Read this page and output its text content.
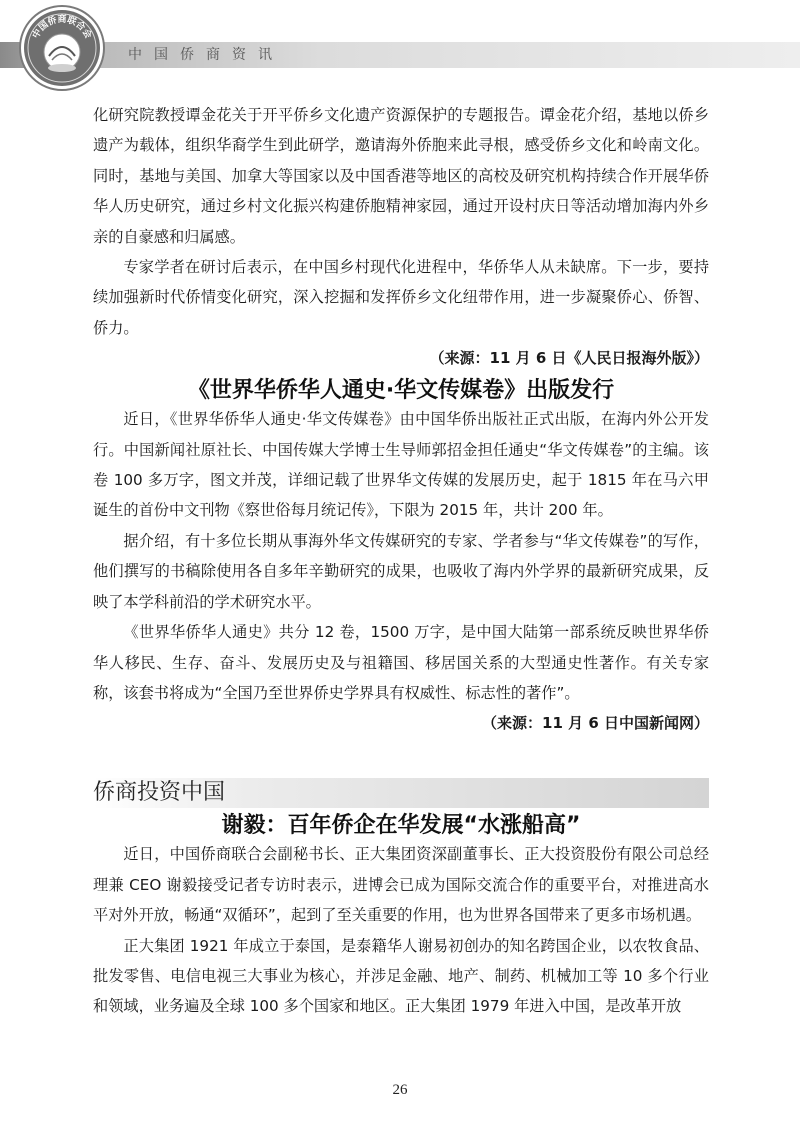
中国侨商联合会
中国侨商资讯

化研究院教授谭金花关于开平侨乡文化遗产资源保护的专题报告。谭金花介绍，基地以侨乡遗产为载体，组织华裔学生到此研学，邀请海外侨胞来此寻根，感受侨乡文化和岭南文化。同时，基地与美国、加拿大等国家以及中国香港等地区的高校及研究机构持续合作开展华侨华人历史研究，通过乡村文化振兴构建侨胞精神家园，通过开设村庆日等活动增加海内外乡亲的自豪感和归属感。

专家学者在研讨后表示，在中国乡村现代化进程中，华侨华人从未缺席。下一步，要持续加强新时代侨情变化研究，深入挖掘和发挥侨乡文化纽带作用，进一步凝聚侨心、侨智、侨力。

（来源：11 月 6 日《人民日报海外版》）

《世界华侨华人通史·华文传媒卷》出版发行

近日，《世界华侨华人通史·华文传媒卷》由中国华侨出版社正式出版，在海内外公开发行。中国新闻社原社长、中国传媒大学博士生导师郭招金担任通史“华文传媒卷”的主编。该卷 100 多万字，图文并茂，详细记载了世界华文传媒的发展历史，起于 1815 年在马六甲诞生的首份中文刊物《察世俗每月统记传》，下限为 2015 年，共计 200 年。

据介绍，有十多位长期从事海外华文传媒研究的专家、学者参与“华文传媒卷”的写作，他们撰写的书稿除使用各自多年辛勤研究的成果，也吸收了海内外学界的最新研究成果，反映了本学科前沿的学术研究水平。

《世界华侨华人通史》共分 12 卷，1500 万字，是中国大陆第一部系统反映世界华侨华人移民、生存、奋斗、发展历史及与祖籍国、移居国关系的大型通史性著作。有关专家称，该套书将成为“全国乃至世界侨史学界具有权威性、标志性的著作”。

（来源：11 月 6 日中国新闻网）

侨商投资中国
谢毅：百年侨企在华发展“水涨船高”

近日，中国侨商联合会副秘书长、正大集团资深副董事长、正大投资股份有限公司总经理兼 CEO 谢毅接受记者专访时表示，进博会已成为国际交流合作的重要平台，对推进高水平对外开放，畅通“双循环”，起到了至关重要的作用，也为世界各国带来了更多市场机遇。

正大集团 1921 年成立于泰国，是泰籍华人谢易初创办的知名跨国企业，以农牧食品、批发零售、电信电视三大事业为核心，并涉足金融、地产、制药、机械加工等 10 多个行业和领域，业务遍及全球 100 多个国家和地区。正大集团 1979 年进入中国，是改革开放

26
